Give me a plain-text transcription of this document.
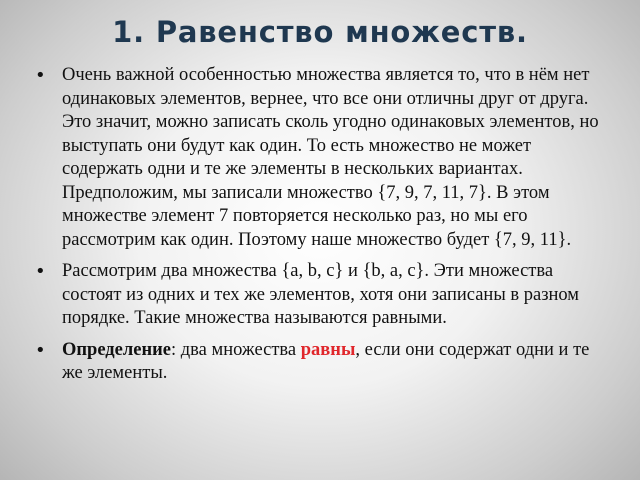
1. Равенство множеств.
• Очень важной особенностью множества является то, что в нём нет одинаковых элементов, вернее, что все они отличны друг от друга. Это значит, можно записать сколь угодно одинаковых элементов, но выступать они будут как один. То есть множество не может содержать одни и те же элементы в нескольких вариантах. Предположим, мы записали множество {7, 9, 7, 11, 7}. В этом множестве элемент 7 повторяется несколько раз, но мы его рассмотрим как один. Поэтому наше множество будет {7, 9, 11}.
• Рассмотрим два множества {a, b, c} и {b, a, c}. Эти множества состоят из одних и тех же элементов, хотя они записаны в разном порядке. Такие множества называются равными.
• Определение: два множества равны, если они содержат одни и те же элементы.
